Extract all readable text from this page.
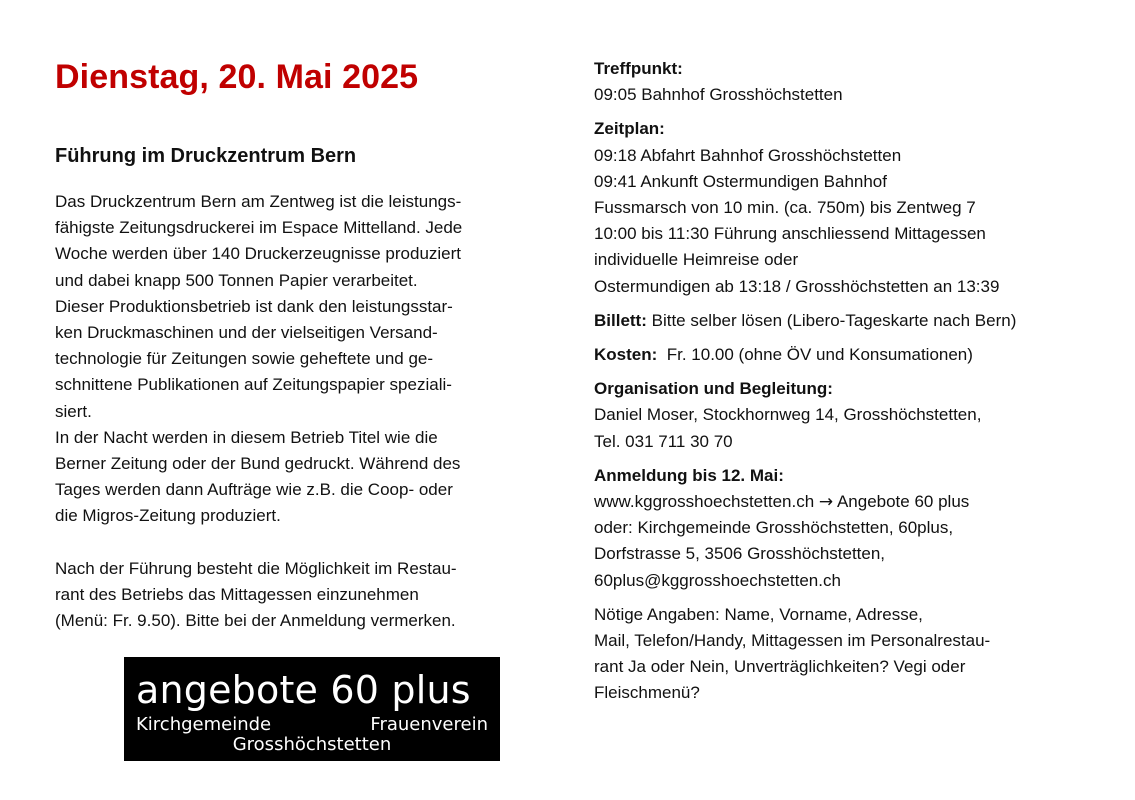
Dienstag, 20. Mai 2025
Führung im Druckzentrum Bern
Das Druckzentrum Bern am Zentweg ist die leistungs-
fähigste Zeitungsdruckerei im Espace Mittelland. Jede
Woche werden über 140 Druckerzeugnisse produziert
und dabei knapp 500 Tonnen Papier verarbeitet.
Dieser Produktionsbetrieb ist dank den leistungsstar-
ken Druckmaschinen und der vielseitigen Versand-
technologie für Zeitungen sowie geheftete und ge-
schnittene Publikationen auf Zeitungspapier speziali-
siert.
In der Nacht werden in diesem Betrieb Titel wie die
Berner Zeitung oder der Bund gedruckt. Während des
Tages werden dann Aufträge wie z.B. die Coop- oder
die Migros-Zeitung produziert.
Nach der Führung besteht die Möglichkeit im Restau-
rant des Betriebs das Mittagessen einzunehmen
(Menü: Fr. 9.50). Bitte bei der Anmeldung vermerken.
angebote 60 plus
Kirchgemeinde	Frauenverein
Grosshöchstetten
Treffpunkt:
09:05 Bahnhof Grosshöchstetten
Zeitplan:
09:18 Abfahrt Bahnhof Grosshöchstetten
09:41 Ankunft Ostermundigen Bahnhof
Fussmarsch von 10 min. (ca. 750m) bis Zentweg 7
10:00 bis 11:30 Führung anschliessend Mittagessen
individuelle Heimreise oder
Ostermundigen ab 13:18 / Grosshöchstetten an 13:39
Billett: Bitte selber lösen (Libero-Tageskarte nach Bern)
Kosten:  Fr. 10.00 (ohne ÖV und Konsumationen)
Organisation und Begleitung:
Daniel Moser, Stockhornweg 14, Grosshöchstetten,
Tel. 031 711 30 70
Anmeldung bis 12. Mai:
www.kggrosshoechstetten.ch → Angebote 60 plus
oder: Kirchgemeinde Grosshöchstetten, 60plus,
Dorfstrasse 5, 3506 Grosshöchstetten,
60plus@kggrosshoechstetten.ch
Nötige Angaben: Name, Vorname, Adresse,
Mail, Telefon/Handy, Mittagessen im Personalrestau-
rant Ja oder Nein, Unverträglichkeiten? Vegi oder
Fleischmenü?
